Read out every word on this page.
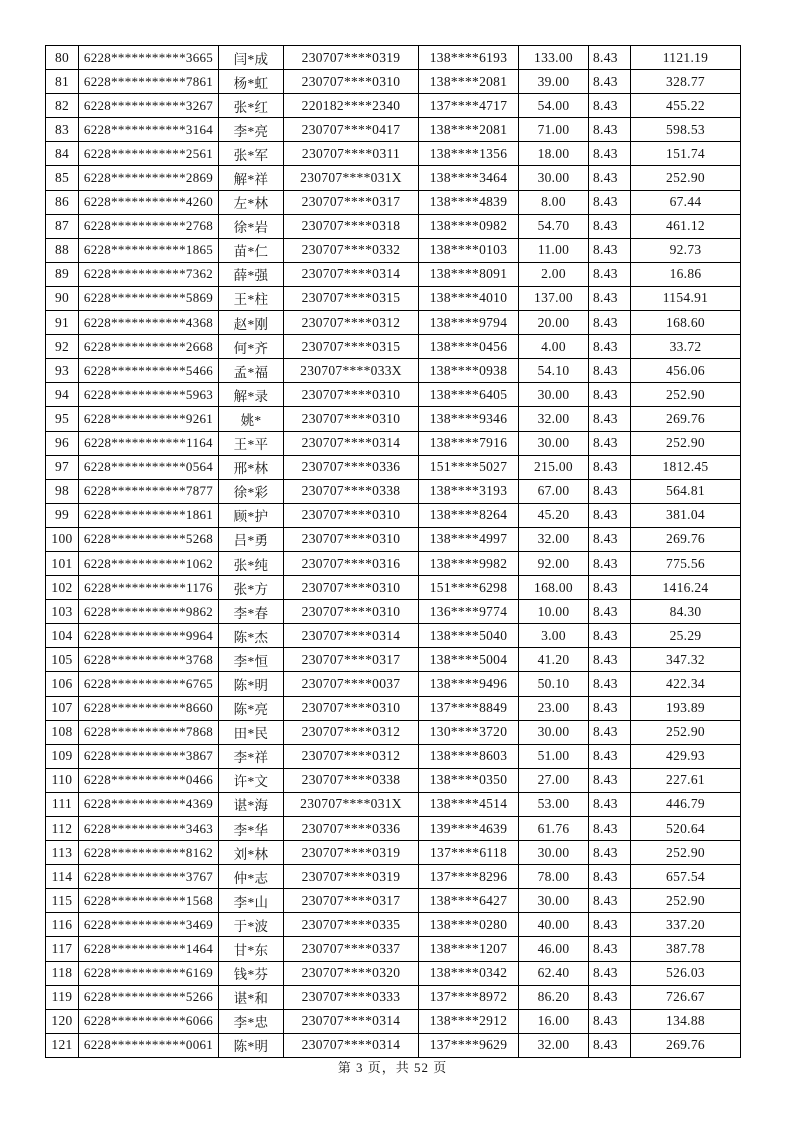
80	6228***********3665	闫*成	230707****0319	138****6193	133.00	8.43	1121.19
81	6228***********7861	杨*虹	230707****0310	138****2081	39.00	8.43	328.77
82	6228***********3267	张*红	220182****2340	137****4717	54.00	8.43	455.22
83	6228***********3164	李*亮	230707****0417	138****2081	71.00	8.43	598.53
84	6228***********2561	张*军	230707****0311	138****1356	18.00	8.43	151.74
85	6228***********2869	解*祥	230707****031X	138****3464	30.00	8.43	252.90
86	6228***********4260	左*林	230707****0317	138****4839	8.00	8.43	67.44
87	6228***********2768	徐*岩	230707****0318	138****0982	54.70	8.43	461.12
88	6228***********1865	苗*仁	230707****0332	138****0103	11.00	8.43	92.73
89	6228***********7362	薛*强	230707****0314	138****8091	2.00	8.43	16.86
90	6228***********5869	王*柱	230707****0315	138****4010	137.00	8.43	1154.91
91	6228***********4368	赵*刚	230707****0312	138****9794	20.00	8.43	168.60
92	6228***********2668	何*齐	230707****0315	138****0456	4.00	8.43	33.72
93	6228***********5466	孟*福	230707****033X	138****0938	54.10	8.43	456.06
94	6228***********5963	解*录	230707****0310	138****6405	30.00	8.43	252.90
95	6228***********9261	姚*	230707****0310	138****9346	32.00	8.43	269.76
96	6228***********1164	王*平	230707****0314	138****7916	30.00	8.43	252.90
97	6228***********0564	邢*林	230707****0336	151****5027	215.00	8.43	1812.45
98	6228***********7877	徐*彩	230707****0338	138****3193	67.00	8.43	564.81
99	6228***********1861	顾*护	230707****0310	138****8264	45.20	8.43	381.04
100	6228***********5268	吕*勇	230707****0310	138****4997	32.00	8.43	269.76
101	6228***********1062	张*纯	230707****0316	138****9982	92.00	8.43	775.56
102	6228***********1176	张*方	230707****0310	151****6298	168.00	8.43	1416.24
103	6228***********9862	李*春	230707****0310	136****9774	10.00	8.43	84.30
104	6228***********9964	陈*杰	230707****0314	138****5040	3.00	8.43	25.29
105	6228***********3768	李*恒	230707****0317	138****5004	41.20	8.43	347.32
106	6228***********6765	陈*明	230707****0037	138****9496	50.10	8.43	422.34
107	6228***********8660	陈*亮	230707****0310	137****8849	23.00	8.43	193.89
108	6228***********7868	田*民	230707****0312	130****3720	30.00	8.43	252.90
109	6228***********3867	李*祥	230707****0312	138****8603	51.00	8.43	429.93
110	6228***********0466	许*文	230707****0338	138****0350	27.00	8.43	227.61
111	6228***********4369	谌*海	230707****031X	138****4514	53.00	8.43	446.79
112	6228***********3463	李*华	230707****0336	139****4639	61.76	8.43	520.64
113	6228***********8162	刘*林	230707****0319	137****6118	30.00	8.43	252.90
114	6228***********3767	仲*志	230707****0319	137****8296	78.00	8.43	657.54
115	6228***********1568	李*山	230707****0317	138****6427	30.00	8.43	252.90
116	6228***********3469	于*波	230707****0335	138****0280	40.00	8.43	337.20
117	6228***********1464	甘*东	230707****0337	138****1207	46.00	8.43	387.78
118	6228***********6169	钱*芬	230707****0320	138****0342	62.40	8.43	526.03
119	6228***********5266	谌*和	230707****0333	137****8972	86.20	8.43	726.67
120	6228***********6066	李*忠	230707****0314	138****2912	16.00	8.43	134.88
121	6228***********0061	陈*明	230707****0314	137****9629	32.00	8.43	269.76
第 3 页，共 52 页
